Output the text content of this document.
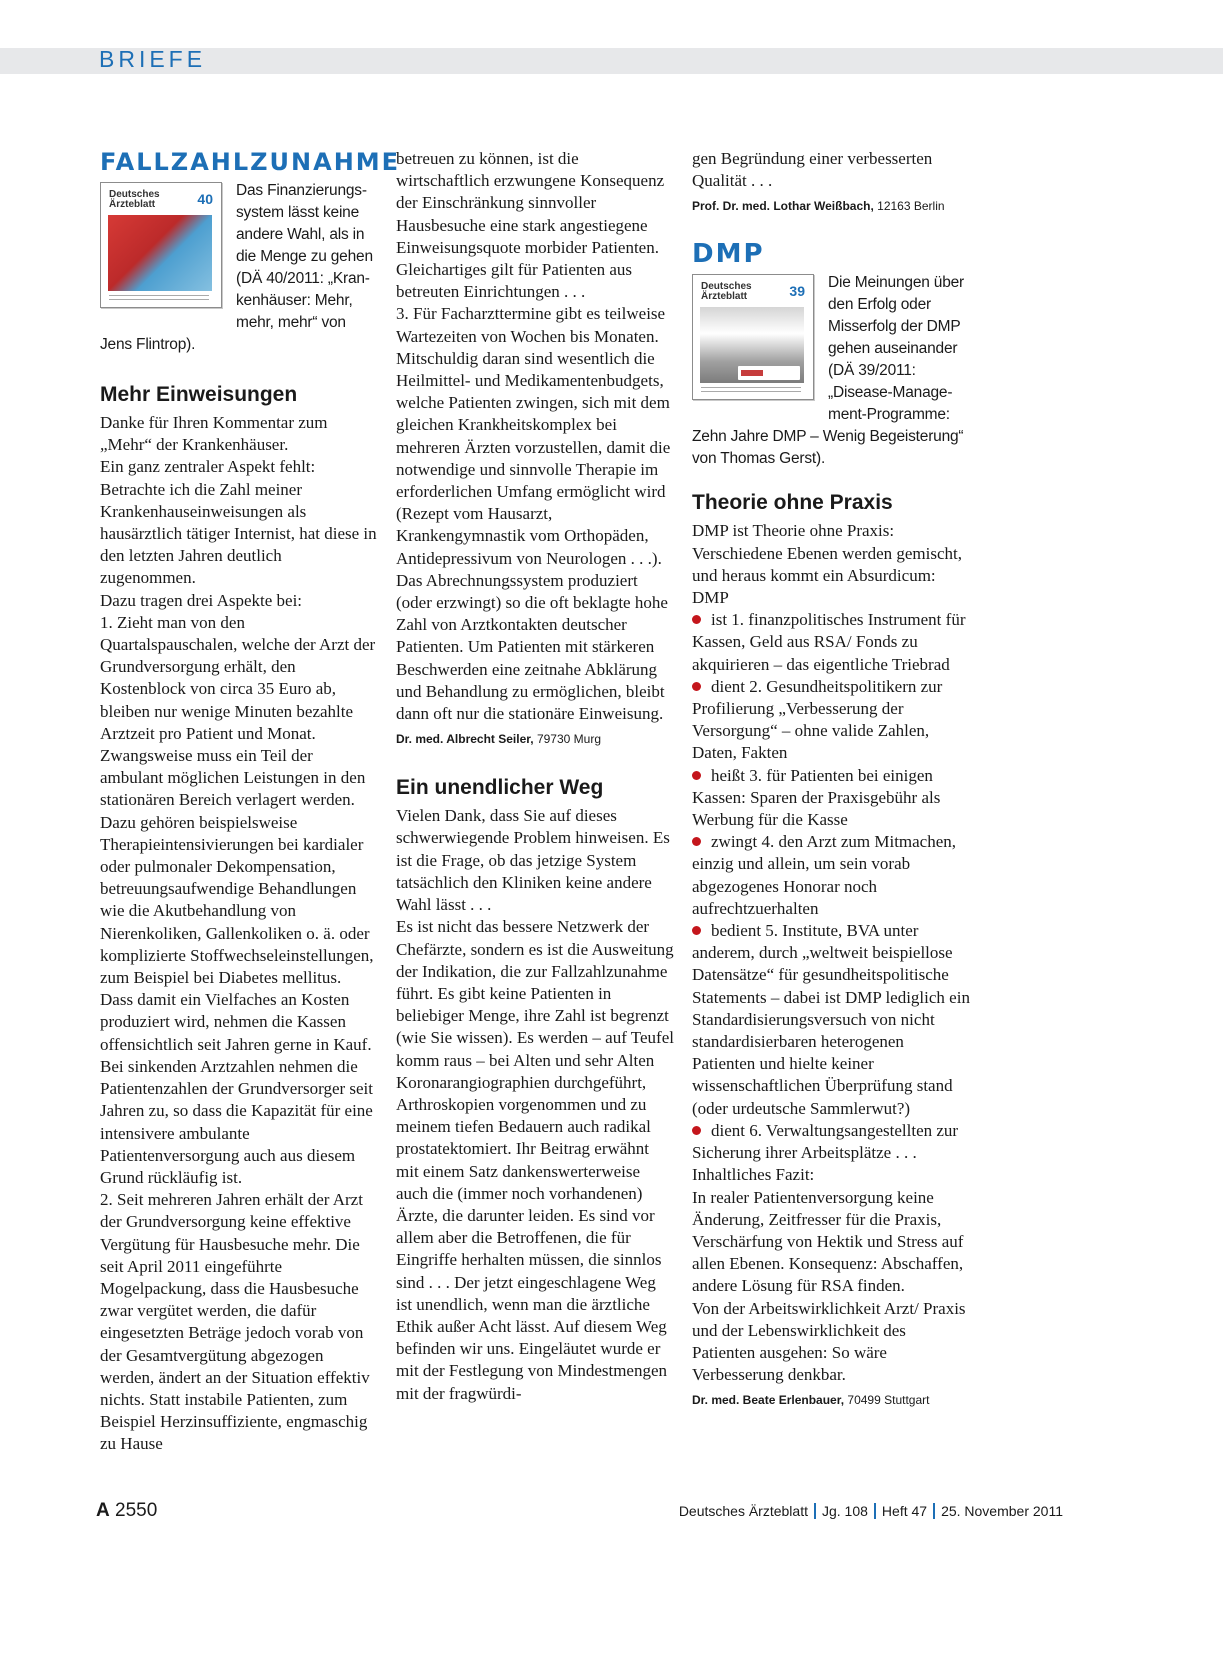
BRIEFE
FALLZAHLZUNAHME
Deutsches Ärzteblatt	40	Das Finanzierungs- system lässt keine andere Wahl, als in die Menge zu gehen (DÄ 40/2011: „Kran- kenhäuser: Mehr, mehr, mehr“ von Jens Flintrop).

Mehr Einweisungen

Danke für Ihren Kommentar zum „Mehr“ der Krankenhäuser.

Ein ganz zentraler Aspekt fehlt: Betrachte ich die Zahl meiner Krankenhauseinweisungen als hausärztlich tätiger Internist, hat diese in den letzten Jahren deutlich zugenommen.

Dazu tragen drei Aspekte bei:

1. Zieht man von den Quartalspauschalen, welche der Arzt der Grundversorgung erhält, den Kostenblock von circa 35 Euro ab, bleiben nur wenige Minuten bezahlte Arztzeit pro Patient und Monat. Zwangsweise muss ein Teil der ambulant möglichen Leistungen in den stationären Bereich verlagert werden. Dazu gehören beispielsweise Therapieintensivierungen bei kardialer oder pulmonaler Dekompensation, betreuungsaufwendige Behandlungen wie die Akutbehandlung von Nierenkoliken, Gallenkoliken o. ä. oder komplizierte Stoffwechseleinstellungen, zum Beispiel bei Diabetes mellitus. Dass damit ein Vielfaches an Kosten produziert wird, nehmen die Kassen offensichtlich seit Jahren gerne in Kauf.

Bei sinkenden Arztzahlen nehmen die Patientenzahlen der Grundversorger seit Jahren zu, so dass die Kapazität für eine intensivere ambulante Patientenversorgung auch aus diesem Grund rückläufig ist.

2. Seit mehreren Jahren erhält der Arzt der Grundversorgung keine effektive Vergütung für Hausbesuche mehr. Die seit April 2011 eingeführte Mogelpackung, dass die Hausbesuche zwar vergütet werden, die dafür eingesetzten Beträge jedoch vorab von der Gesamtvergütung abgezogen werden, ändert an der Situation effektiv nichts. Statt instabile Patienten, zum Beispiel Herzinsuffiziente, engmaschig zu Hause

betreuen zu können, ist die wirtschaftlich erzwungene Konsequenz der Einschränkung sinnvoller Hausbesuche eine stark angestiegene Einweisungsquote morbider Patienten. Gleichartiges gilt für Patienten aus betreuten Einrichtungen . . .

3. Für Facharzttermine gibt es teilweise Wartezeiten von Wochen bis Monaten. Mitschuldig daran sind wesentlich die Heilmittel- und Medikamentenbudgets, welche Patienten zwingen, sich mit dem gleichen Krankheitskomplex bei mehreren Ärzten vorzustellen, damit die notwendige und sinnvolle Therapie im erforderlichen Umfang ermöglicht wird (Rezept vom Hausarzt, Krankengymnastik vom Orthopäden, Antidepressivum von Neurologen . . .). Das Abrechnungssystem produziert (oder erzwingt) so die oft beklagte hohe Zahl von Arztkontakten deutscher Patienten. Um Patienten mit stärkeren Beschwerden eine zeitnahe Abklärung und Behandlung zu ermöglichen, bleibt dann oft nur die stationäre Einweisung.

Dr. med. Albrecht Seiler, 79730 Murg

Ein unendlicher Weg

Vielen Dank, dass Sie auf dieses schwerwiegende Problem hinweisen. Es ist die Frage, ob das jetzige System tatsächlich den Kliniken keine andere Wahl lässt . . .

Es ist nicht das bessere Netzwerk der Chefärzte, sondern es ist die Ausweitung der Indikation, die zur Fallzahlzunahme führt. Es gibt keine Patienten in beliebiger Menge, ihre Zahl ist begrenzt (wie Sie wissen). Es werden – auf Teufel komm raus – bei Alten und sehr Alten Koronarangiographien durchgeführt, Arthroskopien vorgenommen und zu meinem tiefen Bedauern auch radikal prostatektomiert. Ihr Beitrag erwähnt mit einem Satz dankenswerterweise auch die (immer noch vorhandenen) Ärzte, die darunter leiden. Es sind vor allem aber die Betroffenen, die für Eingriffe herhalten müssen, die sinnlos sind . . . Der jetzt eingeschlagene Weg ist unendlich, wenn man die ärztliche Ethik außer Acht lässt. Auf diesem Weg befinden wir uns. Eingeläutet wurde er mit der Festlegung von Mindestmengen mit der fragwürdi-

gen Begründung einer verbesserten Qualität . . .

Prof. Dr. med. Lothar Weißbach, 12163 Berlin

DMP
Deutsches Ärzteblatt	39	Die Meinungen über den Erfolg oder Misserfolg der DMP gehen auseinander (DÄ 39/2011: „Disease-Manage- ment-Programme: Zehn Jahre DMP – Wenig Begeisterung“ von Thomas Gerst).

Theorie ohne Praxis

DMP ist Theorie ohne Praxis: Verschiedene Ebenen werden gemischt, und heraus kommt ein Absurdicum: DMP

ist 1. finanzpolitisches Instrument für Kassen, Geld aus RSA/ Fonds zu akquirieren – das eigentliche Triebrad

dient 2. Gesundheitspolitikern zur Profilierung „Verbesserung der Versorgung“ – ohne valide Zahlen, Daten, Fakten

heißt 3. für Patienten bei einigen Kassen: Sparen der Praxisgebühr als Werbung für die Kasse

zwingt 4. den Arzt zum Mitmachen, einzig und allein, um sein vorab abgezogenes Honorar noch aufrechtzuerhalten

bedient 5. Institute, BVA unter anderem, durch „weltweit beispiellose Datensätze“ für gesundheitspolitische Statements – dabei ist DMP lediglich ein Standardisierungsversuch von nicht standardisierbaren heterogenen Patienten und hielte keiner wissenschaftlichen Überprüfung stand (oder urdeutsche Sammlerwut?)

dient 6. Verwaltungsangestellten zur Sicherung ihrer Arbeitsplätze . . . Inhaltliches Fazit:

In realer Patientenversorgung keine Änderung, Zeitfresser für die Praxis, Verschärfung von Hektik und Stress auf allen Ebenen. Konsequenz: Abschaffen, andere Lösung für RSA finden.

Von der Arbeitswirklichkeit Arzt/ Praxis und der Lebenswirklichkeit des Patienten ausgehen: So wäre Verbesserung denkbar.

Dr. med. Beate Erlenbauer, 70499 Stuttgart

A 2550	Deutsches Ärzteblatt Jg. 108 Heft 47 25. November 2011
